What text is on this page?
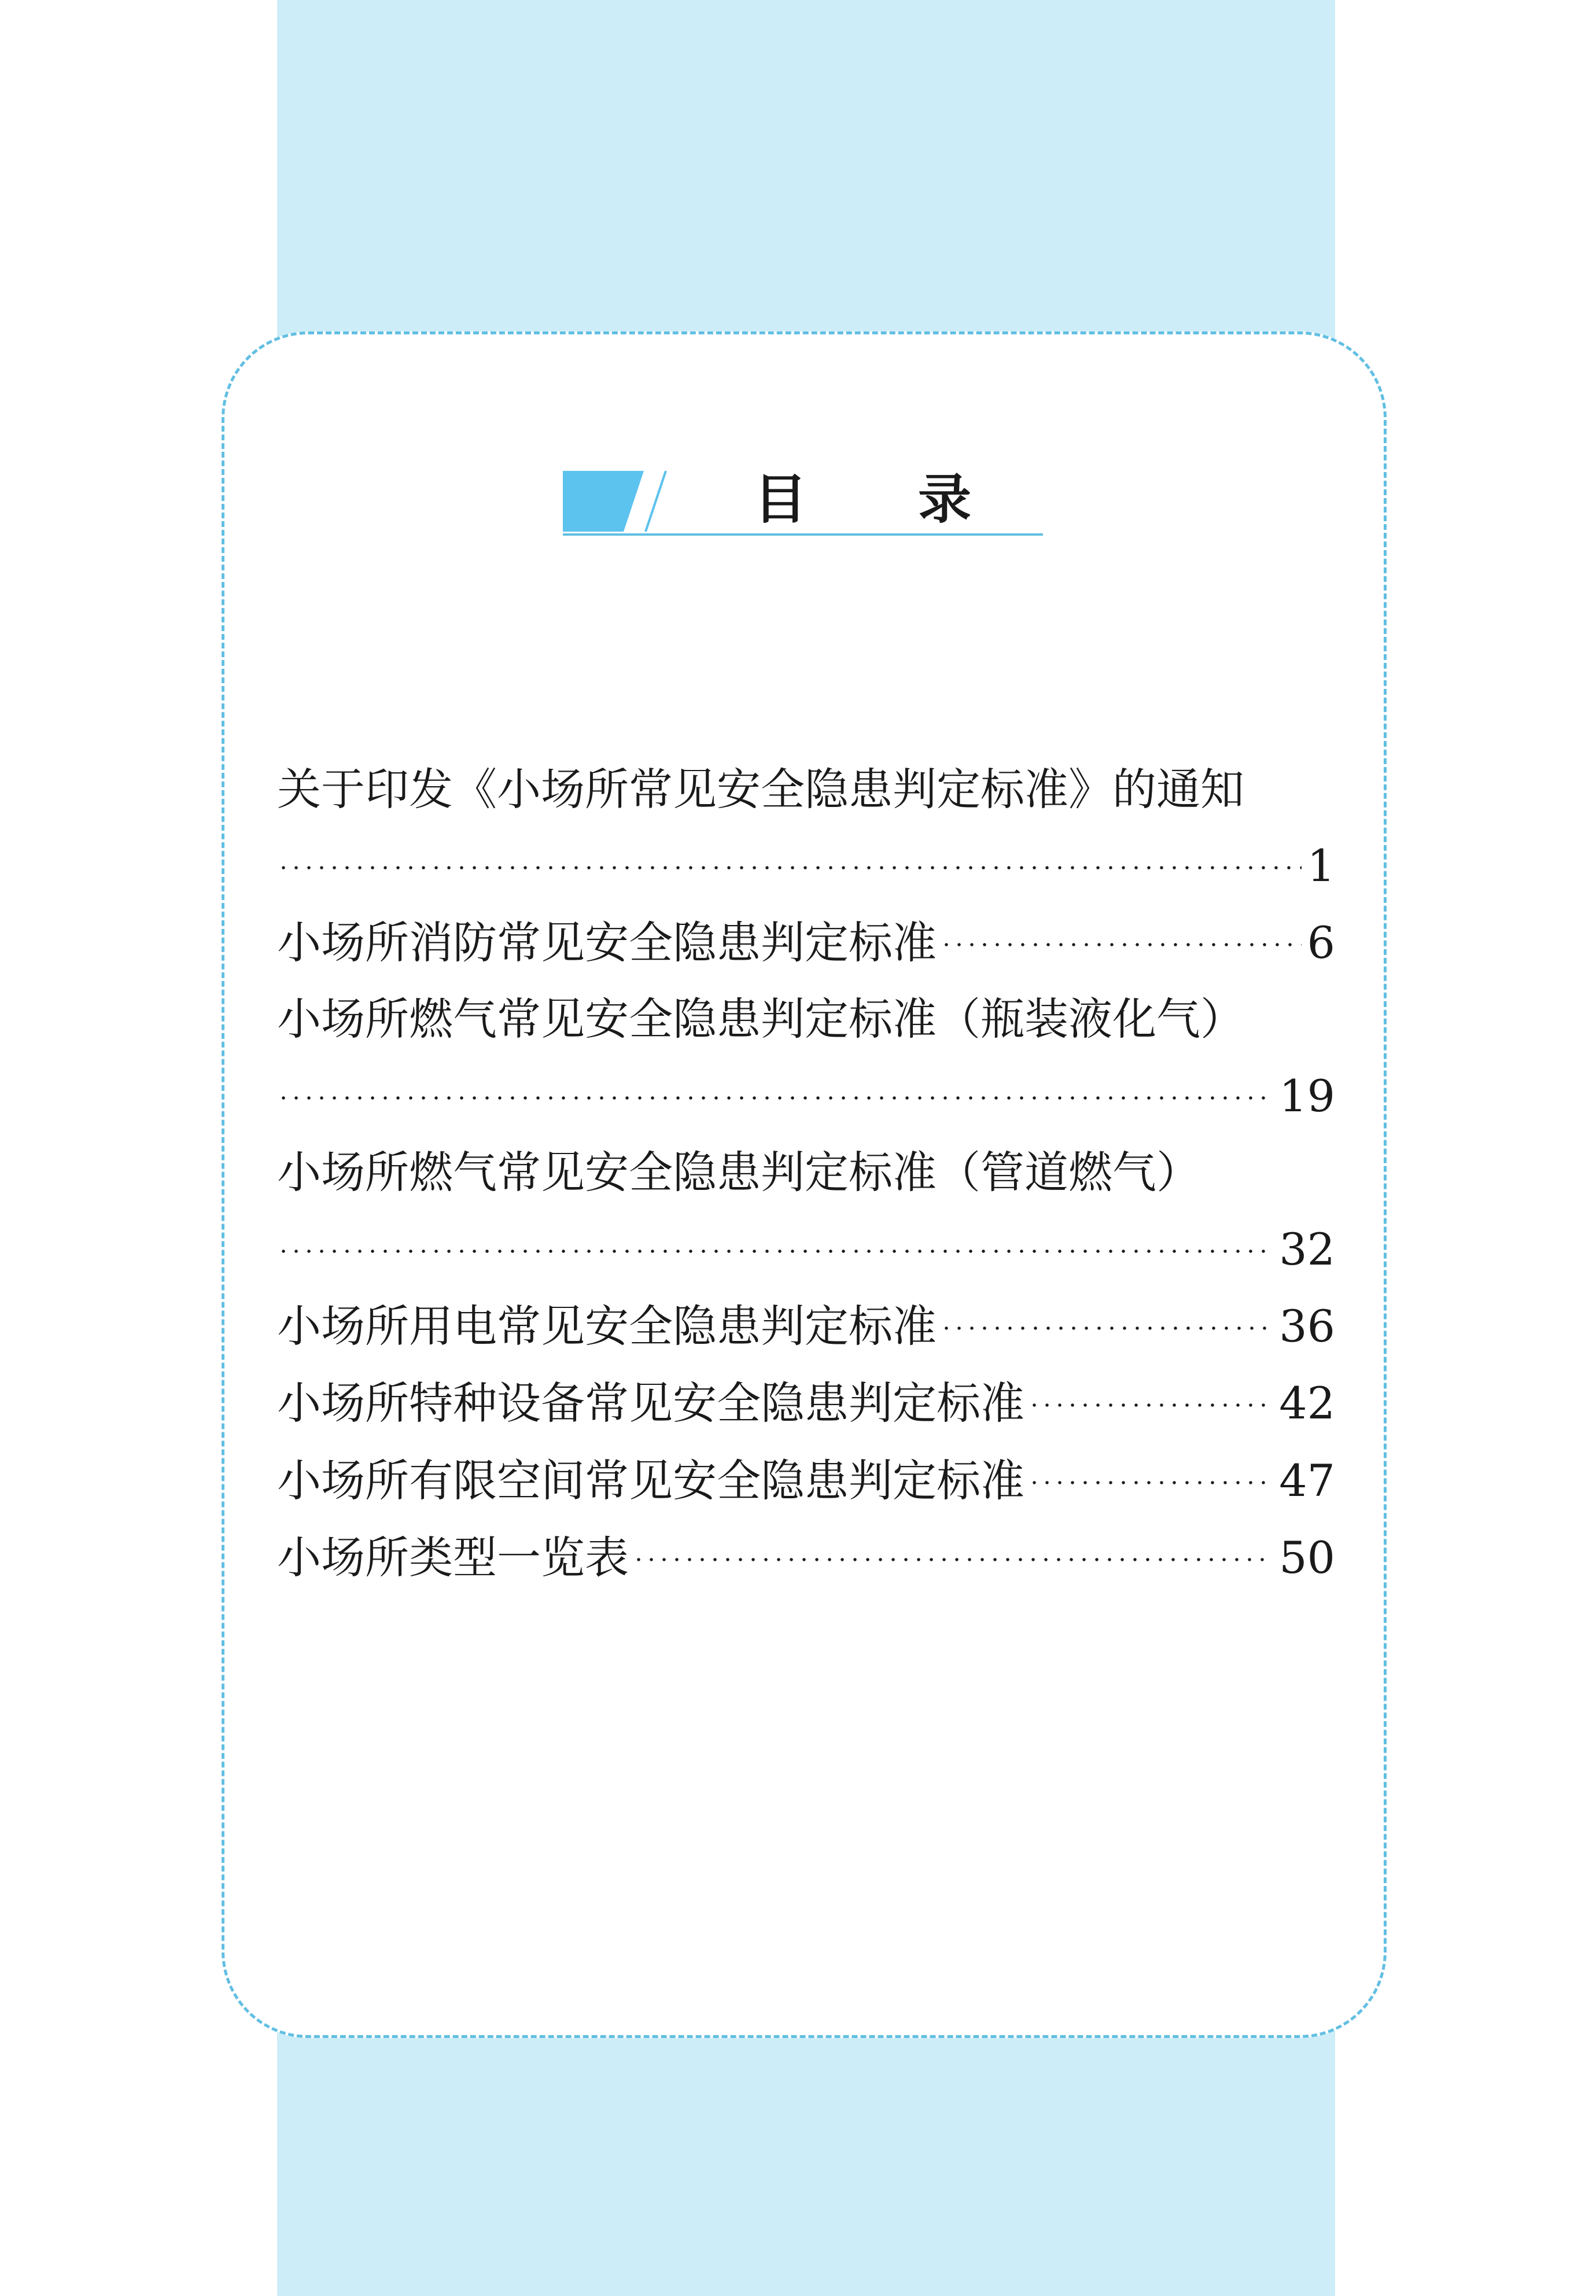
目 录
关于印发《小场所常见安全隐患判定标准》的通知
1
小场所消防常见安全隐患判定标准	6
小场所燃气常见安全隐患判定标准（瓶装液化气）
19
小场所燃气常见安全隐患判定标准（管道燃气）
32
小场所用电常见安全隐患判定标准	36
小场所特种设备常见安全隐患判定标准	42
小场所有限空间常见安全隐患判定标准	47
小场所类型一览表	50
